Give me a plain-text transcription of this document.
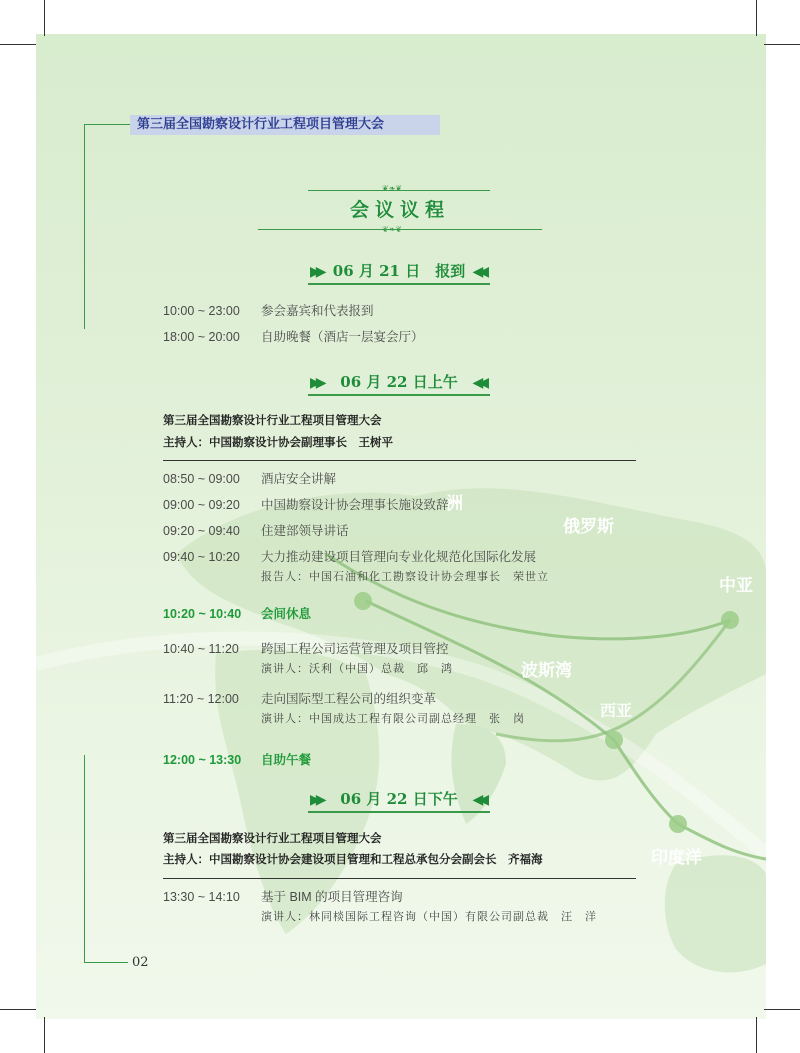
洲
俄罗斯
中亚
波斯湾
西亚
印度洋
第三届全国勘察设计行业工程项目管理大会
❦❧❦
会议议程
❦❧❦
▶▶ 06 月 21 日　报到 ◀◀
10:00 ~ 23:00 参会嘉宾和代表报到
18:00 ~ 20:00 自助晚餐（酒店一层宴会厅）
▶▶	06 月 22 日上午	◀◀
第三届全国勘察设计行业工程项目管理大会
主持人：中国勘察设计协会副理事长　王树平
08:50 ~ 09:00 酒店安全讲解
09:00 ~ 09:20 中国勘察设计协会理事长施设致辞
09:20 ~ 09:40 住建部领导讲话
09:40 ~ 10:20 大力推动建设项目管理向专业化规范化国际化发展
报告人：中国石油和化工勘察设计协会理事长　荣世立
10:20 ~ 10:40 会间休息
10:40 ~ 11:20 跨国工程公司运营管理及项目管控
演讲人：沃利（中国）总裁　邱　鸿
11:20 ~ 12:00 走向国际型工程公司的组织变革
演讲人：中国成达工程有限公司副总经理　张　岗
12:00 ~ 13:30 自助午餐
▶▶	06 月 22 日下午	◀◀
第三届全国勘察设计行业工程项目管理大会
主持人：中国勘察设计协会建设项目管理和工程总承包分会副会长　齐福海
13:30 ~ 14:10 基于 BIM 的项目管理咨询
演讲人：林同棪国际工程咨询（中国）有限公司副总裁　汪　洋
02
